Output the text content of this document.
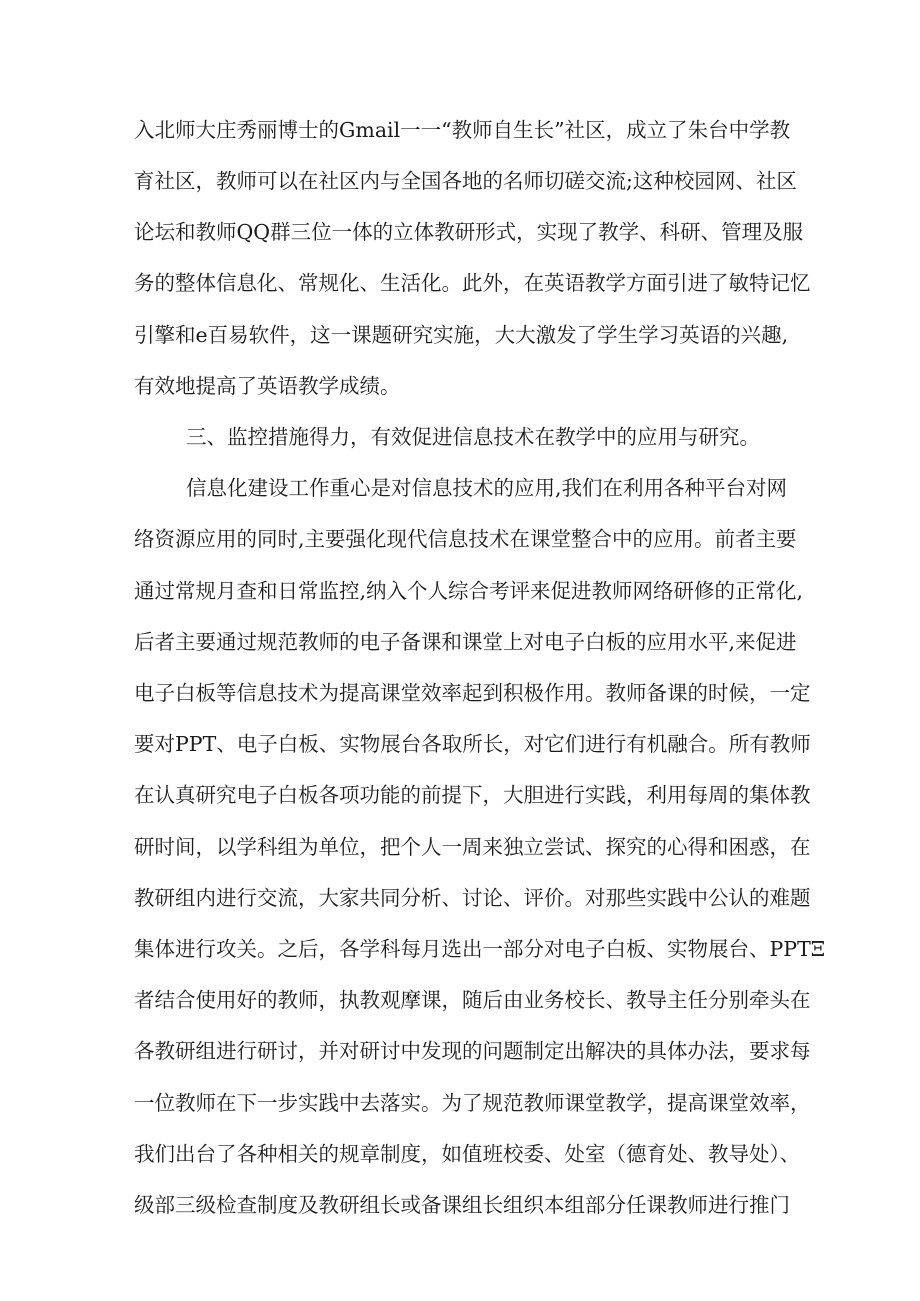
入北师大庄秀丽博士的Gmail一一“教师自生长”社区，成立了朱台中学教
育社区，教师可以在社区内与全国各地的名师切磋交流;这种校园网、社区
论坛和教师QQ群三位一体的立体教研形式，实现了教学、科研、管理及服
务的整体信息化、常规化、生活化。此外，在英语教学方面引进了敏特记忆
引擎和e百易软件，这一课题研究实施，大大激发了学生学习英语的兴趣,
有效地提高了英语教学成绩。
三、监控措施得力，有效促进信息技术在教学中的应用与研究。
信息化建设工作重心是对信息技术的应用,我们在利用各种平台对网
络资源应用的同时,主要强化现代信息技术在课堂整合中的应用。前者主要
通过常规月查和日常监控,纳入个人综合考评来促进教师网络研修的正常化,
后者主要通过规范教师的电子备课和课堂上对电子白板的应用水平,来促进
电子白板等信息技术为提高课堂效率起到积极作用。教师备课的时候，一定
要对PPT、电子白板、实物展台各取所长，对它们进行有机融合。所有教师
在认真研究电子白板各项功能的前提下，大胆进行实践，利用每周的集体教
研时间，以学科组为单位，把个人一周来独立尝试、探究的心得和困惑，在
教研组内进行交流，大家共同分析、讨论、评价。对那些实践中公认的难题
集体进行攻关。之后，各学科每月选出一部分对电子白板、实物展台、PPTΞ
者结合使用好的教师，执教观摩课，随后由业务校长、教导主任分别牵头在
各教研组进行研讨，并对研讨中发现的问题制定出解决的具体办法，要求每
一位教师在下一步实践中去落实。为了规范教师课堂教学，提高课堂效率，
我们出台了各种相关的规章制度，如值班校委、处室（德育处、教导处）、
级部三级检查制度及教研组长或备课组长组织本组部分任课教师进行推门
